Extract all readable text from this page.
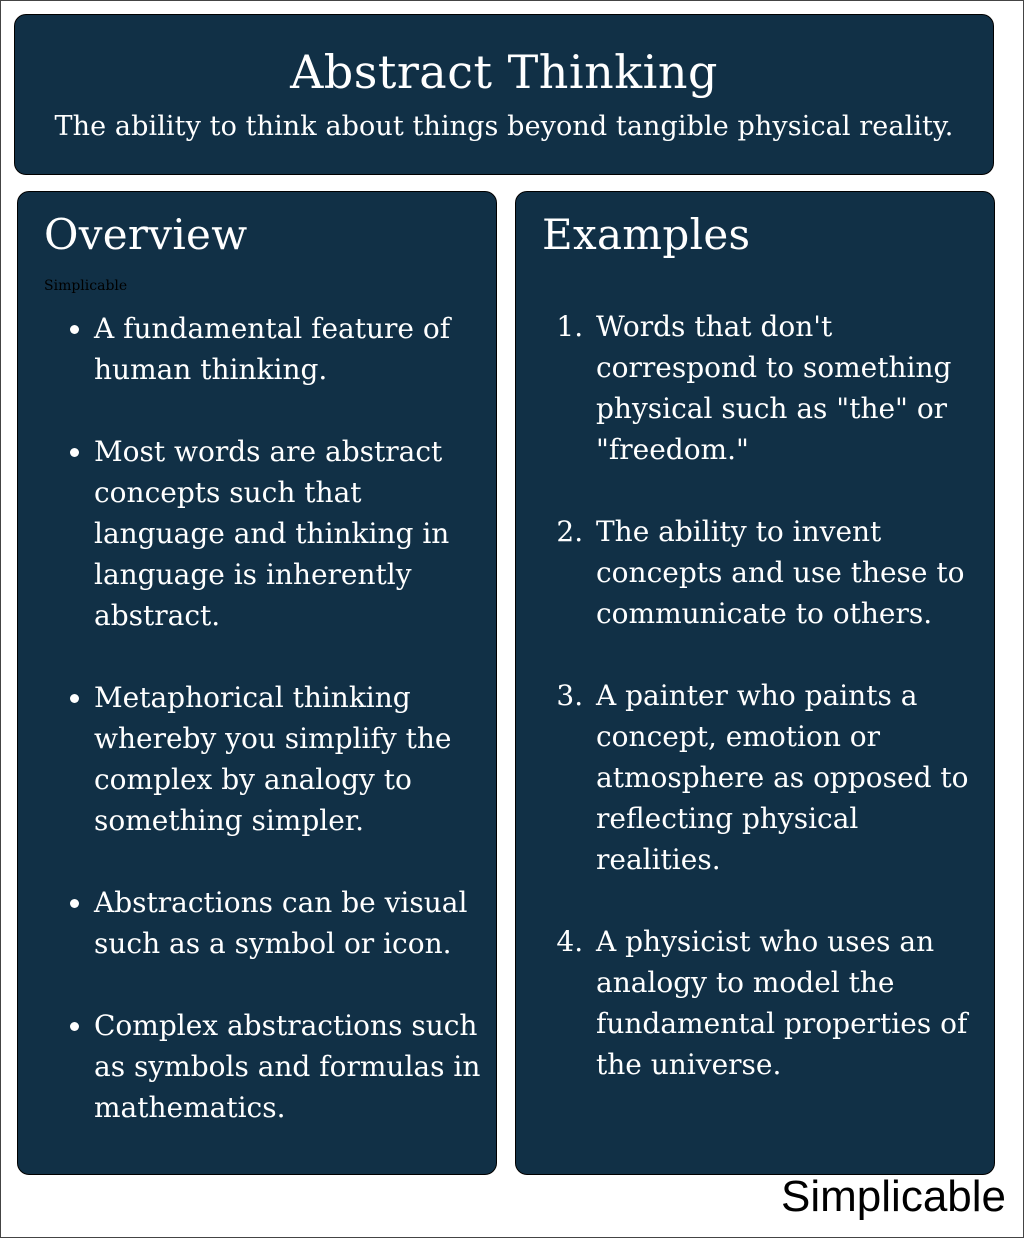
Abstract Thinking

The ability to think about things beyond tangible physical reality.

Overview
Simplicable
• A fundamental feature of human thinking.
• Most words are abstract concepts such that language and thinking in language is inherently abstract.
• Metaphorical thinking whereby you simplify the complex by analogy to something simpler.
• Abstractions can be visual such as a symbol or icon.
• Complex abstractions such as symbols and formulas in mathematics.
Examples
1. Words that don't correspond to something physical such as "the" or "freedom."
2. The ability to invent concepts and use these to communicate to others.
3. A painter who paints a concept, emotion or atmosphere as opposed to reflecting physical realities.
4. A physicist who uses an analogy to model the fundamental properties of the universe.
Simplicable
